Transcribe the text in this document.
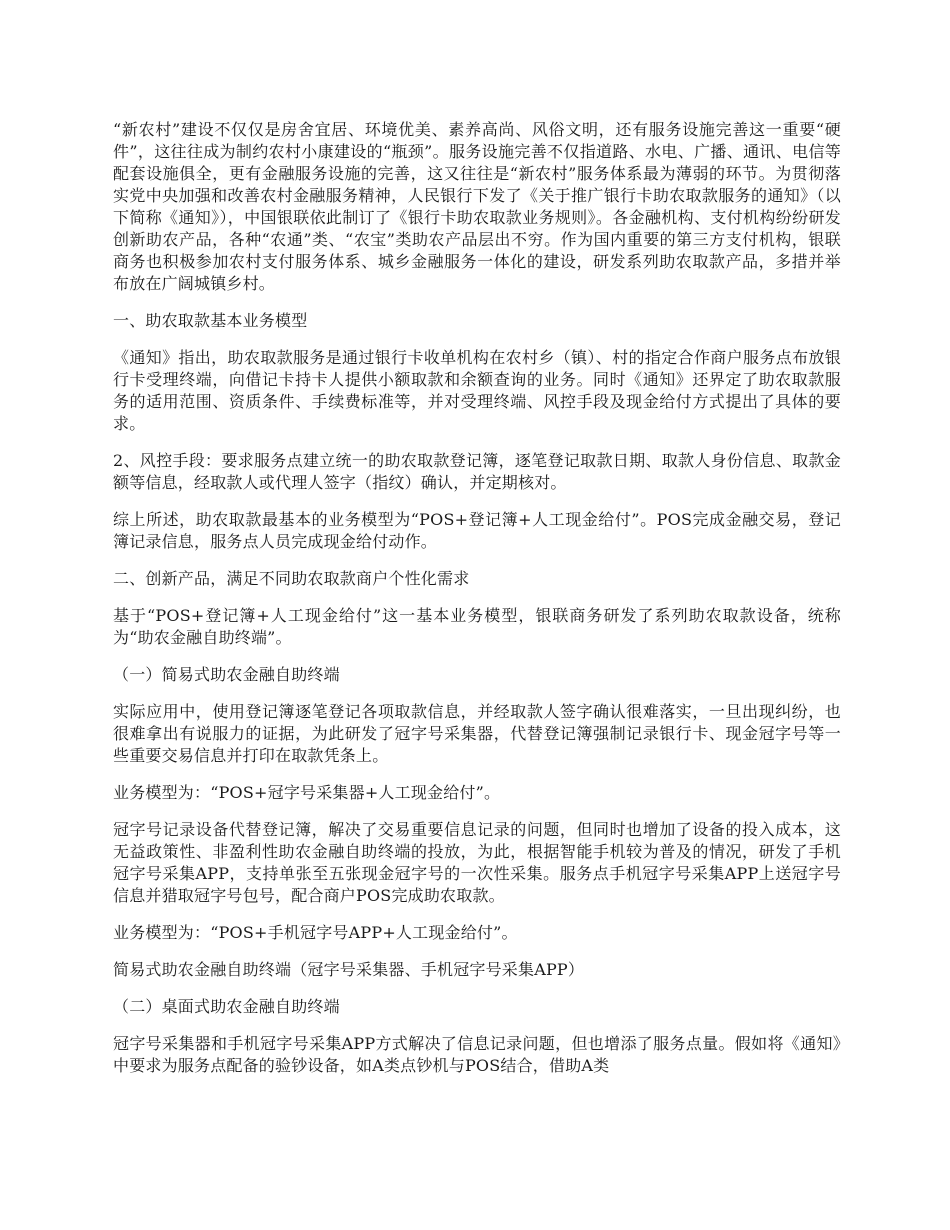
“新农村”建设不仅仅是房舍宜居、环境优美、素养高尚、风俗文明，还有服务设施完善这一重要“硬件”，这往往成为制约农村小康建设的“瓶颈”。服务设施完善不仅指道路、水电、广播、通讯、电信等配套设施俱全，更有金融服务设施的完善，这又往往是“新农村”服务体系最为薄弱的环节。为贯彻落实党中央加强和改善农村金融服务精神，人民银行下发了《关于推广银行卡助农取款服务的通知》（以下简称《通知》），中国银联依此制订了《银行卡助农取款业务规则》。各金融机构、支付机构纷纷研发创新助农产品，各种“农通”类、“农宝”类助农产品层出不穷。作为国内重要的第三方支付机构，银联商务也积极参加农村支付服务体系、城乡金融服务一体化的建设，研发系列助农取款产品，多措并举布放在广阔城镇乡村。

一、助农取款基本业务模型

《通知》指出，助农取款服务是通过银行卡收单机构在农村乡（镇）、村的指定合作商户服务点布放银行卡受理终端，向借记卡持卡人提供小额取款和余额查询的业务。同时《通知》还界定了助农取款服务的适用范围、资质条件、手续费标准等，并对受理终端、风控手段及现金给付方式提出了具体的要求。

2、风控手段：要求服务点建立统一的助农取款登记簿，逐笔登记取款日期、取款人身份信息、取款金额等信息，经取款人或代理人签字（指纹）确认，并定期核对。

综上所述，助农取款最基本的业务模型为“POS+登记簿+人工现金给付”。POS完成金融交易，登记簿记录信息，服务点人员完成现金给付动作。

二、创新产品，满足不同助农取款商户个性化需求

基于“POS+登记簿+人工现金给付”这一基本业务模型，银联商务研发了系列助农取款设备，统称为“助农金融自助终端”。

（一）简易式助农金融自助终端

实际应用中，使用登记簿逐笔登记各项取款信息，并经取款人签字确认很难落实，一旦出现纠纷，也很难拿出有说服力的证据，为此研发了冠字号采集器，代替登记簿强制记录银行卡、现金冠字号等一些重要交易信息并打印在取款凭条上。

业务模型为：“POS+冠字号采集器+人工现金给付”。

冠字号记录设备代替登记簿，解决了交易重要信息记录的问题，但同时也增加了设备的投入成本，这无益政策性、非盈利性助农金融自助终端的投放，为此，根据智能手机较为普及的情况，研发了手机冠字号采集APP，支持单张至五张现金冠字号的一次性采集。服务点手机冠字号采集APP上送冠字号信息并猎取冠字号包号，配合商户POS完成助农取款。

业务模型为：“POS+手机冠字号APP+人工现金给付”。

简易式助农金融自助终端（冠字号采集器、手机冠字号采集APP）

（二）桌面式助农金融自助终端

冠字号采集器和手机冠字号采集APP方式解决了信息记录问题，但也增添了服务点量。假如将《通知》中要求为服务点配备的验钞设备，如A类点钞机与POS结合，借助A类
